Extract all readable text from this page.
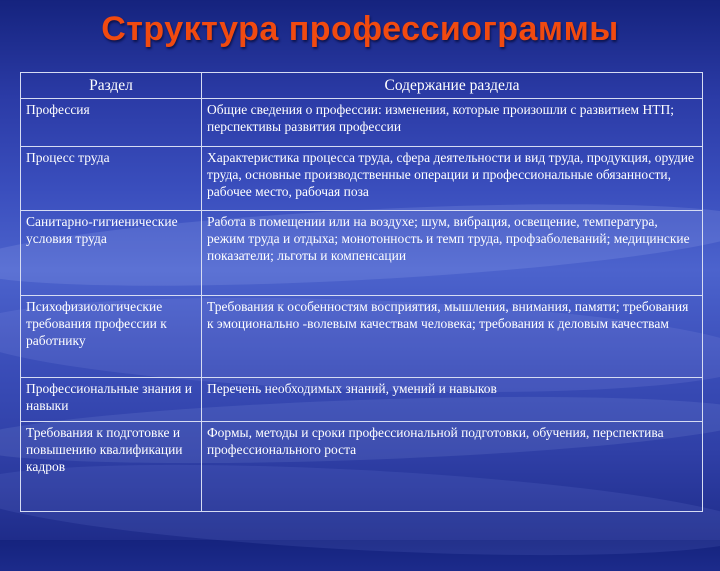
Структура профессиограммы
Раздел	Содержание раздела
Профессия	Общие сведения о профессии: изменения, которые произошли с развитием НТП; перспективы развития профессии
Процесс труда	Характеристика процесса труда, сфера деятельности и вид труда, продукция, орудие труда, основные производственные операции и профессиональные обязанности, рабочее место, рабочая поза
Санитарно-гигиенические условия труда	Работа в помещении или на воздухе; шум, вибрация, освещение, температура, режим труда и отдыха; монотонность и темп труда, профзаболеваний; медицинские показатели; льготы и компенсации
Психофизиологические требования профессии к работнику	Требования к особенностям восприятия, мышления, внимания, памяти; требования к эмоционально -волевым качествам человека; требования к деловым качествам
Профессиональные знания и навыки	Перечень необходимых знаний, умений и навыков
Требования к подготовке и повышению квалификации кадров	Формы, методы и сроки профессиональной подготовки, обучения, перспектива профессионального роста
